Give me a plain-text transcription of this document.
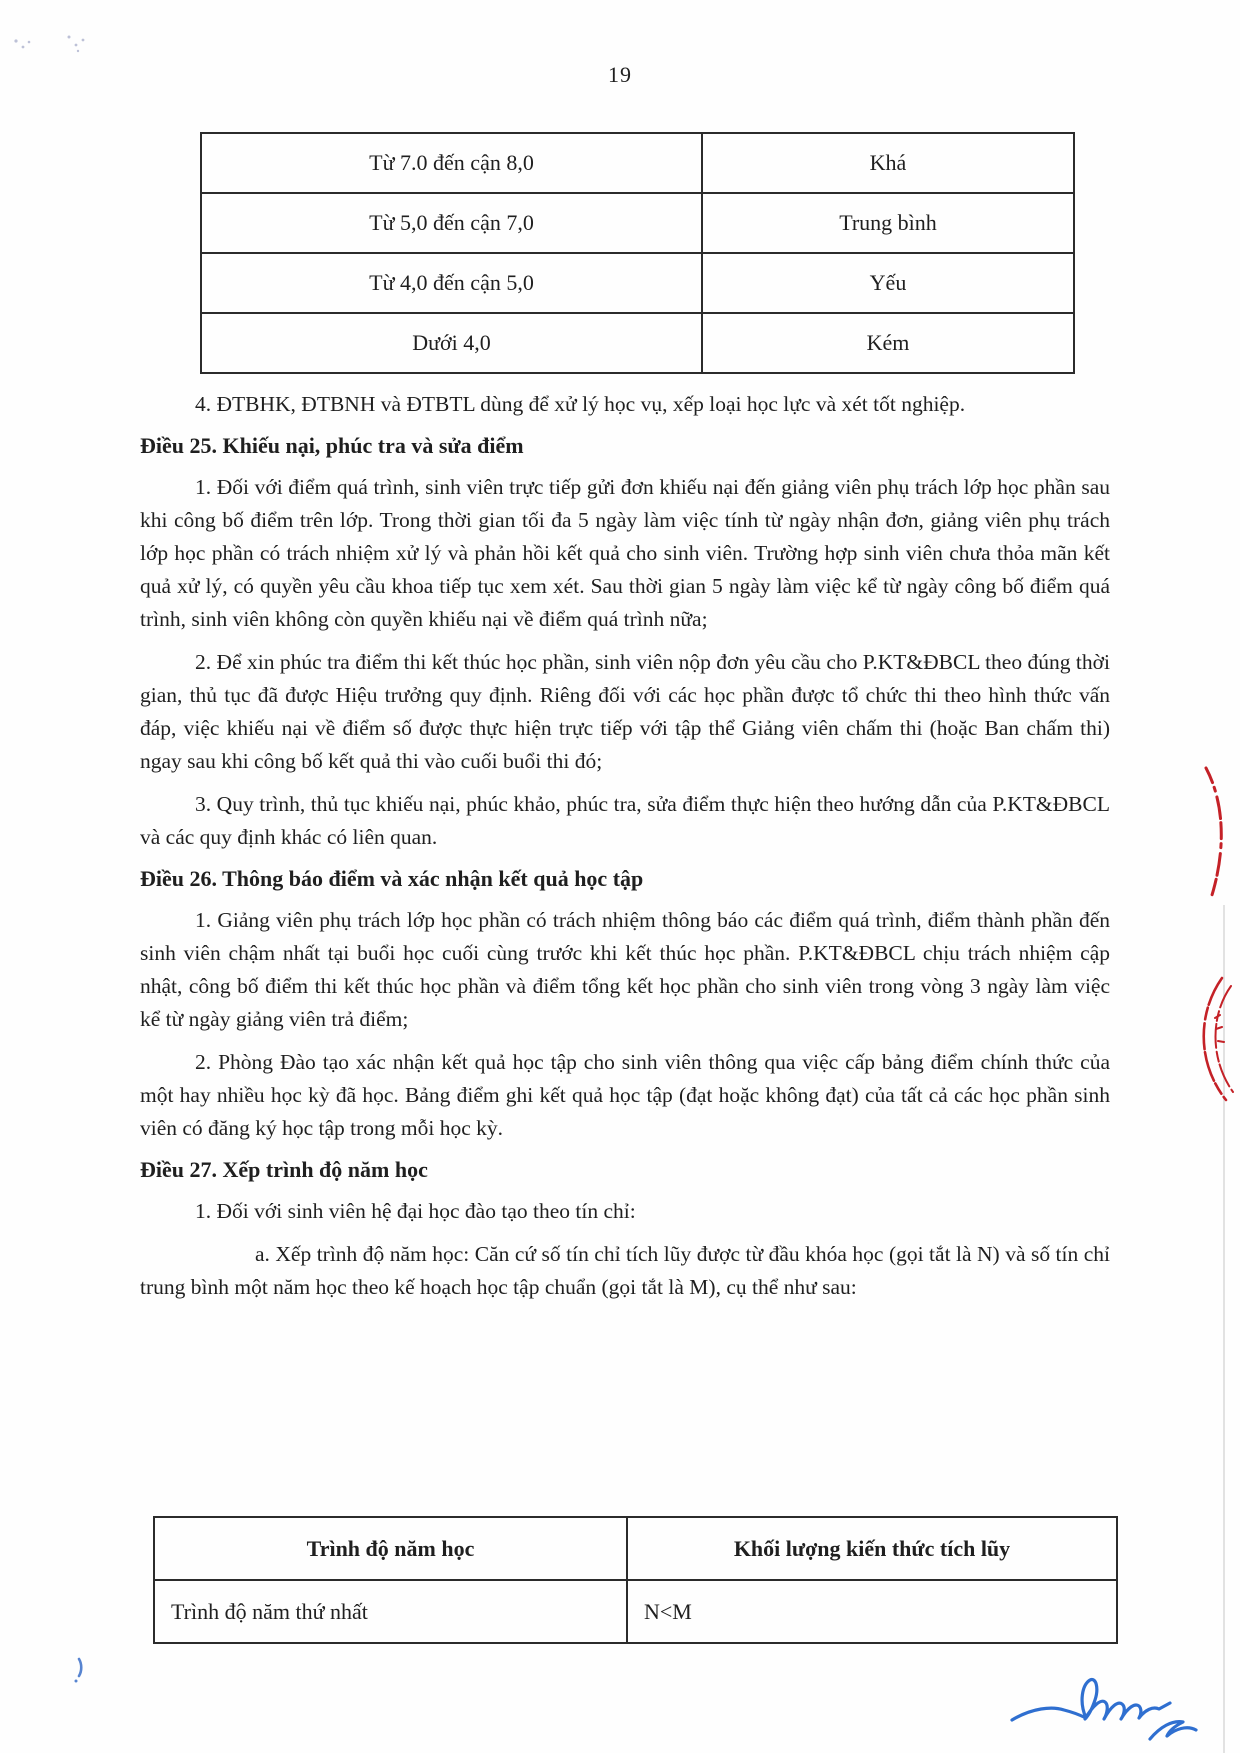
19
Từ 7.0 đến cận 8,0	Khá
Từ 5,0 đến cận 7,0	Trung bình
Từ 4,0 đến cận 5,0	Yếu
Dưới 4,0	Kém

4. ĐTBHK, ĐTBNH và ĐTBTL dùng để xử lý học vụ, xếp loại học lực và xét tốt nghiệp.

Điều 25. Khiếu nại, phúc tra và sửa điểm

1. Đối với điểm quá trình, sinh viên trực tiếp gửi đơn khiếu nại đến giảng viên phụ trách lớp học phần sau khi công bố điểm trên lớp. Trong thời gian tối đa 5 ngày làm việc tính từ ngày nhận đơn, giảng viên phụ trách lớp học phần có trách nhiệm xử lý và phản hồi kết quả cho sinh viên. Trường hợp sinh viên chưa thỏa mãn kết quả xử lý, có quyền yêu cầu khoa tiếp tục xem xét. Sau thời gian 5 ngày làm việc kể từ ngày công bố điểm quá trình, sinh viên không còn quyền khiếu nại về điểm quá trình nữa;

2. Để xin phúc tra điểm thi kết thúc học phần, sinh viên nộp đơn yêu cầu cho P.KT&ĐBCL theo đúng thời gian, thủ tục đã được Hiệu trưởng quy định. Riêng đối với các học phần được tổ chức thi theo hình thức vấn đáp, việc khiếu nại về điểm số được thực hiện trực tiếp với tập thể Giảng viên chấm thi (hoặc Ban chấm thi) ngay sau khi công bố kết quả thi vào cuối buổi thi đó;

3. Quy trình, thủ tục khiếu nại, phúc khảo, phúc tra, sửa điểm thực hiện theo hướng dẫn của P.KT&ĐBCL và các quy định khác có liên quan.

Điều 26. Thông báo điểm và xác nhận kết quả học tập

1. Giảng viên phụ trách lớp học phần có trách nhiệm thông báo các điểm quá trình, điểm thành phần đến sinh viên chậm nhất tại buổi học cuối cùng trước khi kết thúc học phần. P.KT&ĐBCL chịu trách nhiệm cập nhật, công bố điểm thi kết thúc học phần và điểm tổng kết học phần cho sinh viên trong vòng 3 ngày làm việc kể từ ngày giảng viên trả điểm;

2. Phòng Đào tạo xác nhận kết quả học tập cho sinh viên thông qua việc cấp bảng điểm chính thức của một hay nhiều học kỳ đã học. Bảng điểm ghi kết quả học tập (đạt hoặc không đạt) của tất cả các học phần sinh viên có đăng ký học tập trong mỗi học kỳ.

Điều 27. Xếp trình độ năm học

1. Đối với sinh viên hệ đại học đào tạo theo tín chỉ:

a. Xếp trình độ năm học: Căn cứ số tín chỉ tích lũy được từ đầu khóa học (gọi tắt là N) và số tín chỉ trung bình một năm học theo kế hoạch học tập chuẩn (gọi tắt là M), cụ thể như sau:

Trình độ năm học	Khối lượng kiến thức tích lũy
Trình độ năm thứ nhất	N<M
